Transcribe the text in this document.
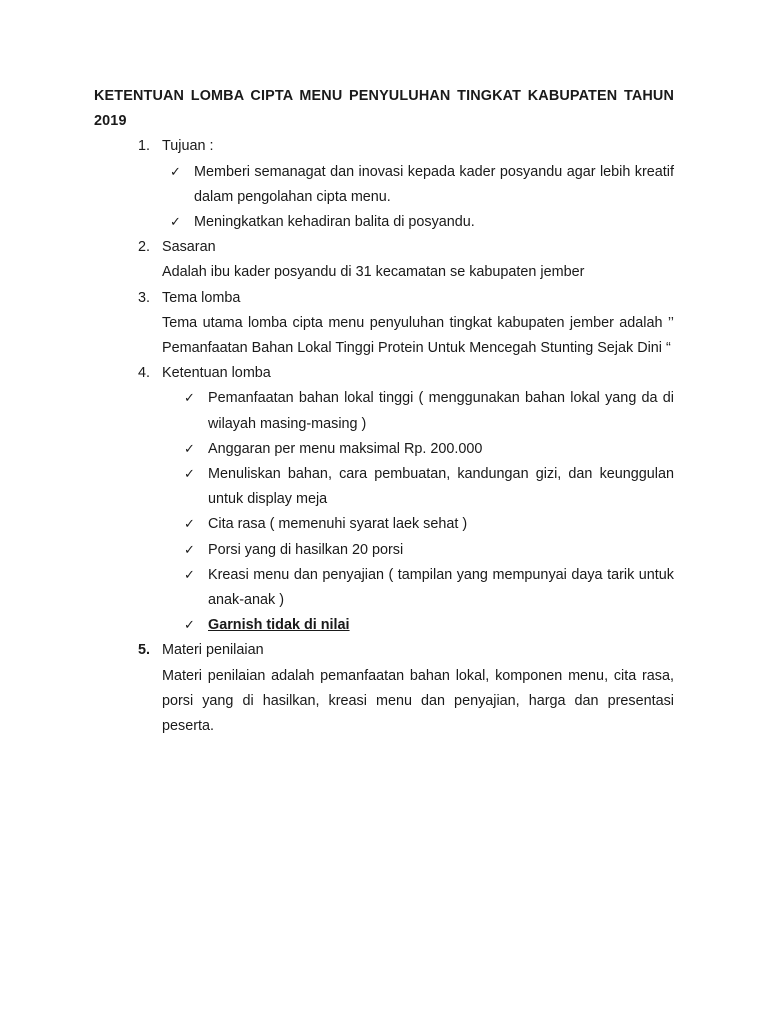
KETENTUAN LOMBA CIPTA MENU PENYULUHAN TINGKAT KABUPATEN TAHUN 2019

1. Tujuan :

✓ Memberi semanagat dan inovasi kepada kader posyandu agar lebih kreatif dalam pengolahan cipta menu.
✓ Meningkatkan kehadiran balita di posyandu.
2. Sasaran

Adalah ibu kader posyandu di 31 kecamatan se kabupaten jember

3. Tema lomba

Tema utama lomba cipta menu penyuluhan tingkat kabupaten jember adalah ’’ Pemanfaatan Bahan Lokal Tinggi Protein Untuk Mencegah Stunting Sejak Dini “

4. Ketentuan lomba

✓ Pemanfaatan bahan lokal tinggi ( menggunakan bahan lokal yang da di wilayah masing-masing )
✓ Anggaran per menu maksimal Rp. 200.000
✓ Menuliskan bahan, cara pembuatan, kandungan gizi, dan keunggulan untuk display meja
✓ Cita rasa ( memenuhi syarat laek sehat )
✓ Porsi yang di hasilkan 20 porsi
✓ Kreasi menu dan penyajian ( tampilan yang mempunyai daya tarik untuk anak-anak )
✓ Garnish tidak di nilai
5. Materi penilaian

Materi penilaian adalah pemanfaatan bahan lokal, komponen menu, cita rasa, porsi yang di hasilkan, kreasi menu dan penyajian, harga dan presentasi peserta.
